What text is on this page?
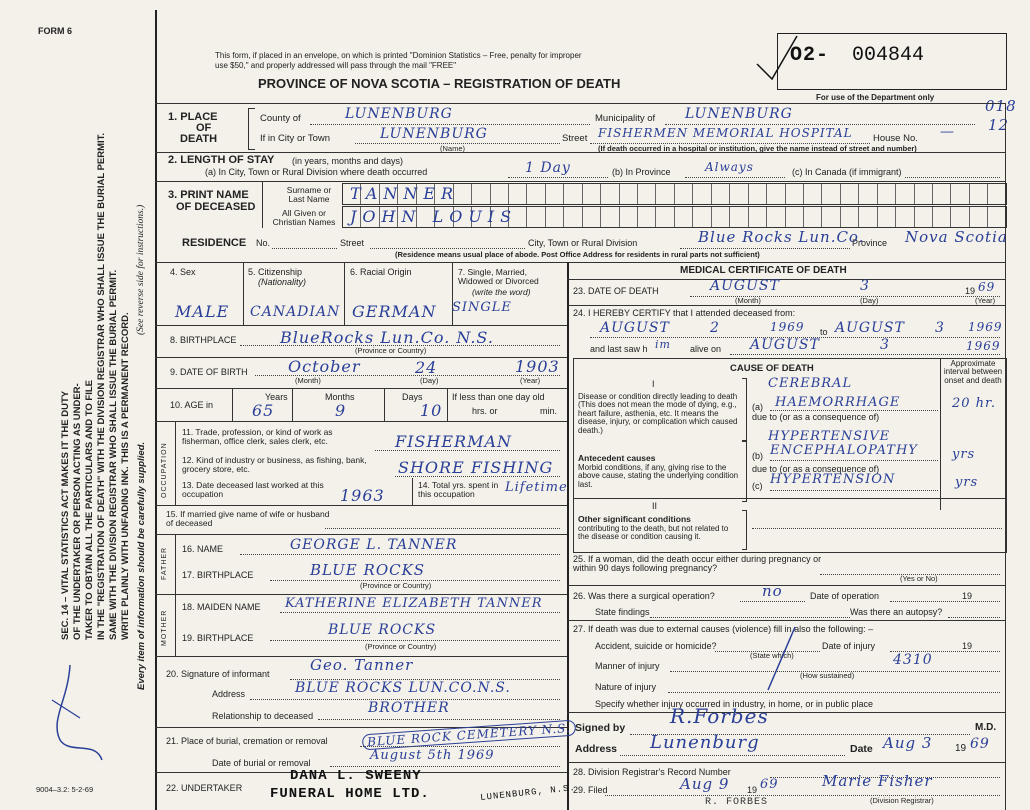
FORM 6
SEC. 14 – VITAL STATISTICS ACT MAKES IT THE DUTY OF THE UNDERTAKER OR PERSON ACTING AS UNDER- TAKER TO OBTAIN ALL THE PARTICULARS AND TO FILE IN THE "REGISTRATION OF DEATH" WITH THE DIVISION REGISTRAR WHO SHALL ISSUE THE BURIAL PERMIT. SAME WITH THE DIVISION REGISTRAR WHO SHALL ISSUE THE BURIAL PERMIT. WRITE PLAINLY WITH UNFADING INK. THIS IS A PERMANENT RECORD.
(See reverse side for instructions.)
Every item of information should be carefully supplied.
9004–3.2: 5-2-69
This form, if placed in an envelope, on which is printed "Dominion Statistics – Free, penalty for improper
use $50," and properly addressed will pass through the mail "FREE"
PROVINCE OF NOVA SCOTIA – REGISTRATION OF DEATH
O2- 004844
For use of the Department only	018
12
1. PLACE
OF
DEATH
County of	LUNENBURG	Municipality of LUNENBURG
If in City or Town	LUNENBURG
(Name)
Street FISHERMEN MEMORIAL HOSPITAL House No. —
(If death occurred in a hospital or institution, give the name instead of street and number)
2. LENGTH OF STAY (in years, months and days)
(a) In City, Town or Rural Division where death occurred	1 Day	(b) In Province	Always	(c) In Canada (if immigrant)
3. PRINT NAME
OF DECEASED
Surname or Last Name
All Given or Christian Names
TANNER
JOHN LOUIS
RESIDENCE No.	Street	City, Town or Rural Division	Blue Rocks Lun.Co.
Province Nova Scotia
(Residence means usual place of abode. Post Office Address for residents in rural parts not sufficient)
4. Sex	5. Citizenship
(Nationality)
6. Racial Origin	7. Single, Married, Widowed or Divorced
(write the word)
MALE CANADIAN GERMAN SINGLE
8. BIRTHPLACE	BlueRocks Lun.Co. N.S.
(Province or Country)
9. DATE OF BIRTH	October	24	1903
(Month)	(Day)	(Year)
10. AGE in
Years
65
Months
9
Days
10
If less than one day old
hrs. or	min.
OCCUPATION
11. Trade, profession, or kind of work as fisherman, office clerk, sales clerk, etc.	FISHERMAN
12. Kind of industry or business, as fishing, bank, grocery store, etc.	SHORE FISHING
13. Date deceased last worked at this occupation	1963
14. Total yrs. spent in this occupation	Lifetime
15. If married give name of wife or husband of deceased
FATHER 16. NAME	GEORGE L. TANNER
17. BIRTHPLACE	BLUE ROCKS
(Province or Country)
MOTHER
18. MAIDEN NAME KATHERINE ELIZABETH TANNER
19. BIRTHPLACE	BLUE ROCKS
(Province or Country)
20. Signature of informant	Geo. Tanner
Address	BLUE ROCKS LUN.CO.N.S.
Relationship to deceased	BROTHER
21. Place of burial, cremation or removal	BLUE ROCK CEMETERY N.S.
Date of burial or removal	August 5th 1969
22. UNDERTAKER
DANA L. SWEENY
FUNERAL HOME LTD.	LUNENBURG, N.S.
MEDICAL CERTIFICATE OF DEATH
23. DATE OF DEATH	AUGUST	3	19 69
(Month)	(Day)	(Year)
24. I HEREBY CERTIFY that I attended deceased from:
AUGUST	2	1969 to AUGUST 3 1969
and last saw h im alive on AUGUST	3	1969
CAUSE OF DEATH	Approximate interval between onset and death
I
Disease or condition directly leading to death (This does not mean the mode of dying, e.g., heart failure, asthenia, etc. It means the disease, injury, or complication which caused death.)
(a)
CEREBRAL
HAEMORRHAGE	20 hr.
due to (or as a consequence of)
Antecedent causes
Morbid conditions, if any, giving rise to the above cause, stating the underlying condition last.
HYPERTENSIVE
(b) ENCEPHALOPATHY	yrs
due to (or as a consequence of)
(c) HYPERTENSION	yrs
II
Other significant conditions
contributing to the death, but not related to the disease or condition causing it.
25. If a woman, did the death occur either during pregnancy or within 90 days following pregnancy?
(Yes or No)
26. Was there a surgical operation?	no	Date of operation	19
State findings	Was there an autopsy?
27. If death was due to external causes (violence) fill in also the following: –
Accident, suicide or homicide?
(State which)
Date of injury	19
4310
Manner of injury
(How sustained)
Nature of injury
Specify whether injury occurred in industry, in home, or in public place
Signed by R.Forbes	M.D.
Address Lunenburg	Date Aug 3 19 69
28. Division Registrar's Record Number
29. Filed	Aug 9 19 69	Marie Fisher
(Division Registrar)
R. FORBES
